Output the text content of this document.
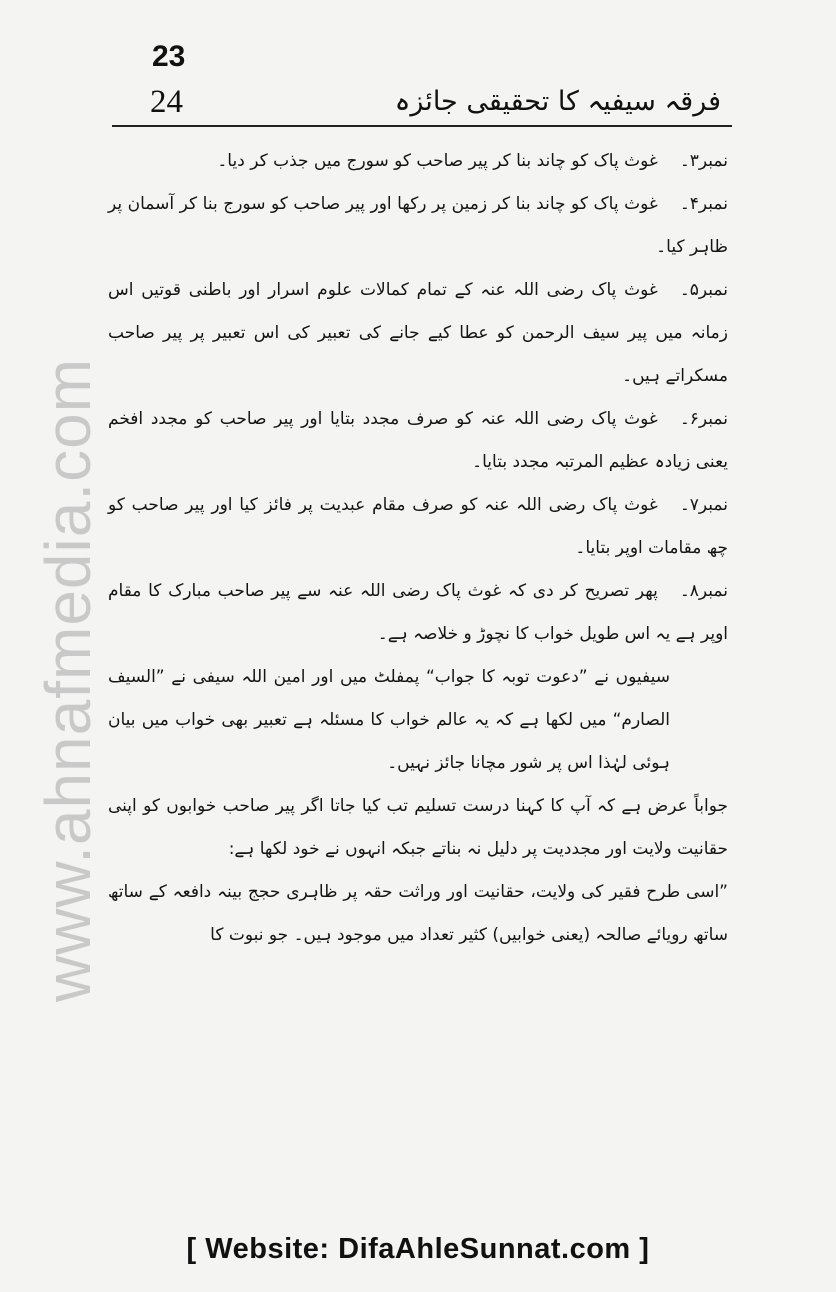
www.ahnafmedia.com
23
24	فرقہ سیفیہ کا تحقیقی جائزہ

نمبر۳۔غوث پاک کو چاند بنا کر پیر صاحب کو سورج میں جذب کر دیا۔

نمبر۴۔غوث پاک کو چاند بنا کر زمین پر رکھا اور پیر صاحب کو سورج بنا کر آسمان پر ظاہر کیا۔

نمبر۵۔غوث پاک رضی اللہ عنہ کے تمام کمالات علوم اسرار اور باطنی قوتیں اس زمانہ میں پیر سیف الرحمن کو عطا کیے جانے کی تعبیر کی اس تعبیر پر پیر صاحب مسکراتے ہیں۔

نمبر۶۔غوث پاک رضی اللہ عنہ کو صرف مجدد بتایا اور پیر صاحب کو مجدد افخم یعنی زیادہ عظیم المرتبہ مجدد بتایا۔

نمبر۷۔غوث پاک رضی اللہ عنہ کو صرف مقام عبدیت پر فائز کیا اور پیر صاحب کو چھ مقامات اوپر بتایا۔

نمبر۸۔پھر تصریح کر دی کہ غوث پاک رضی اللہ عنہ سے پیر صاحب مبارک کا مقام اوپر ہے یہ اس طویل خواب کا نچوڑ و خلاصہ ہے۔

سیفیوں نے ”دعوت توبہ کا جواب“ پمفلٹ میں اور امین اللہ سیفی نے ”السیف الصارم“ میں لکھا ہے کہ یہ عالم خواب کا مسئلہ ہے تعبیر بھی خواب میں بیان ہوئی لہٰذا اس پر شور مچانا جائز نہیں۔

جواباً عرض ہے کہ آپ کا کہنا درست تسلیم تب کیا جاتا اگر پیر صاحب خوابوں کو اپنی حقانیت ولایت اور مجددیت پر دلیل نہ بناتے جبکہ انہوں نے خود لکھا ہے:

”اسی طرح فقیر کی ولایت، حقانیت اور وراثت حقہ پر ظاہری حجج بینہ دافعہ کے ساتھ ساتھ رویائے صالحہ (یعنی خوابیں) کثیر تعداد میں موجود ہیں۔ جو نبوت کا

[ Website: DifaAhleSunnat.com ]
